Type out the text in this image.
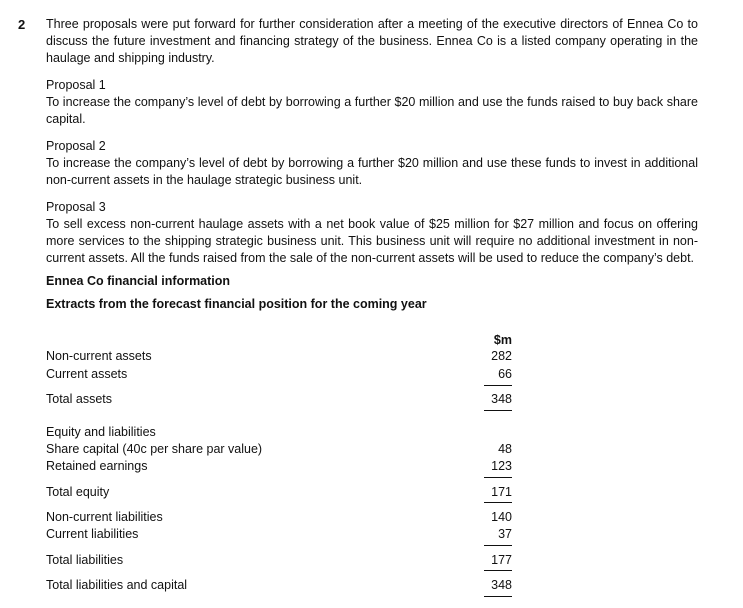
2 Three proposals were put forward for further consideration after a meeting of the executive directors of Ennea Co to discuss the future investment and financing strategy of the business. Ennea Co is a listed company operating in the haulage and shipping industry.

Proposal 1

To increase the company’s level of debt by borrowing a further $20 million and use the funds raised to buy back share capital.

Proposal 2

To increase the company’s level of debt by borrowing a further $20 million and use these funds to invest in additional non-current assets in the haulage strategic business unit.

Proposal 3

To sell excess non-current haulage assets with a net book value of $25 million for $27 million and focus on offering more services to the shipping strategic business unit. This business unit will require no additional investment in non-current assets. All the funds raised from the sale of the non-current assets will be used to reduce the company’s debt.

Ennea Co financial information

Extracts from the forecast financial position for the coming year

$m
Non-current assets	282
Current assets	66
Total assets	348
Equity and liabilities
Share capital (40c per share par value)	48
Retained earnings	123
Total equity	171
Non-current liabilities	140
Current liabilities	37
Total liabilities	177
Total liabilities and capital	348
